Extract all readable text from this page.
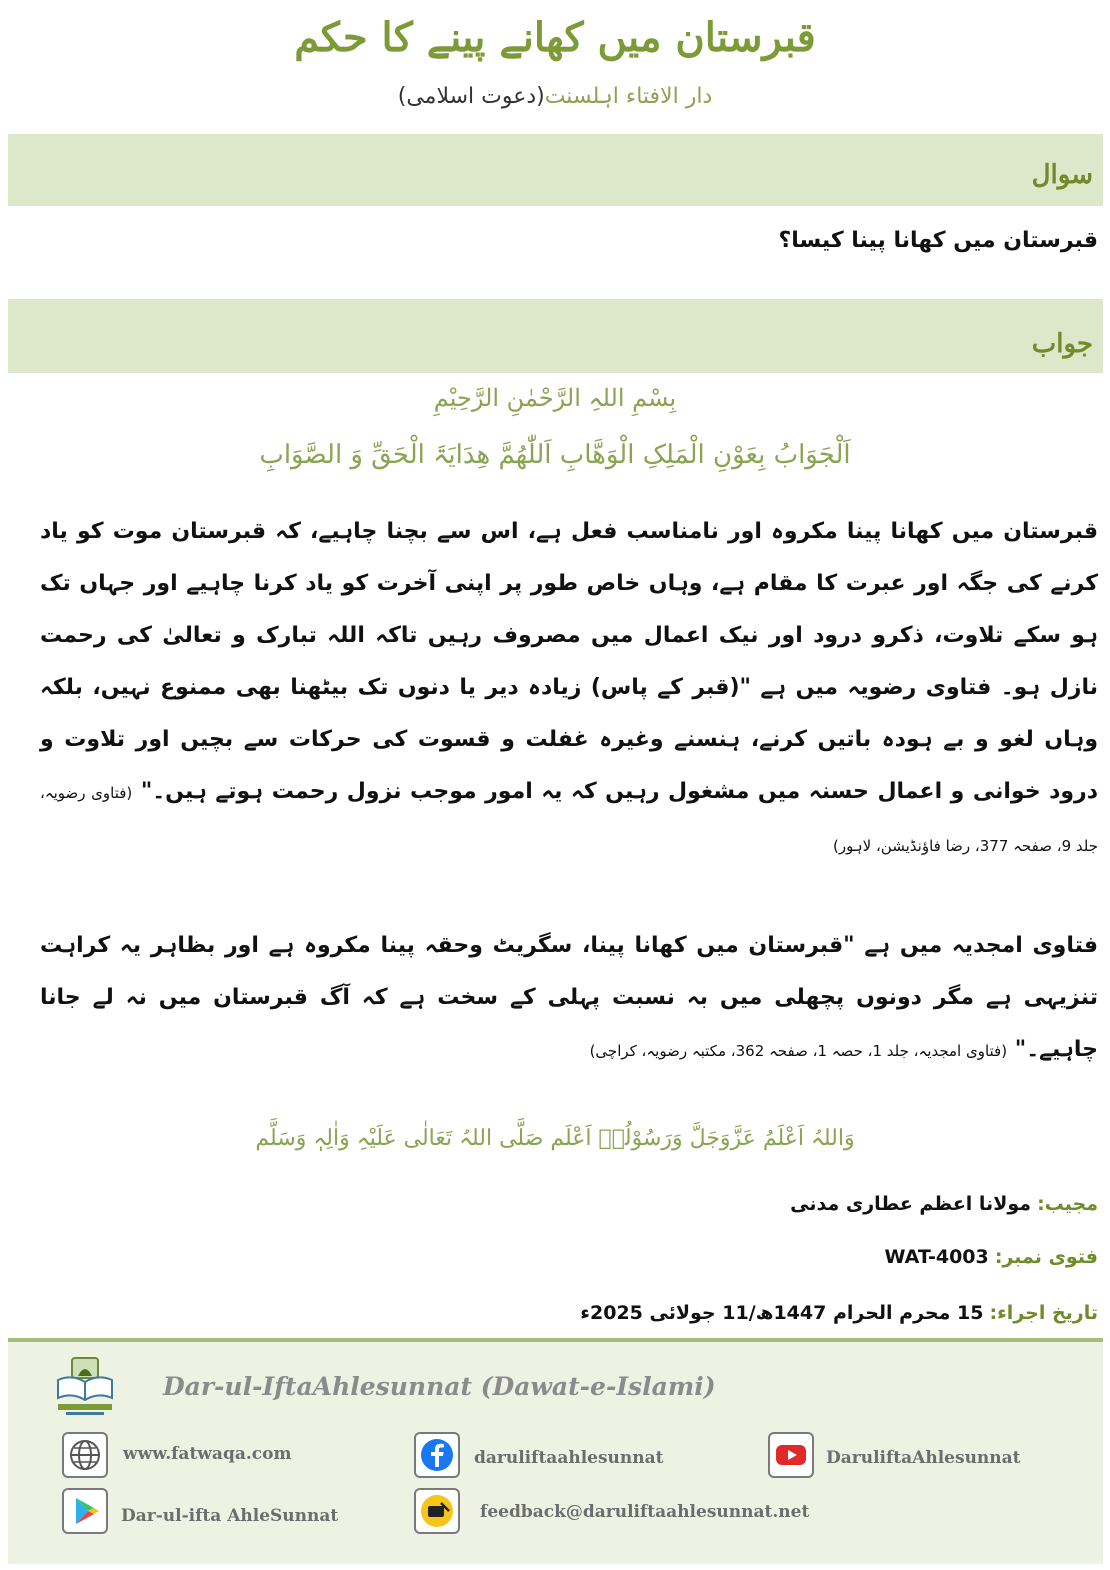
قبرستان میں کھانے پینے کا حکم
دار الافتاء اہلسنت(دعوت اسلامی)
سوال
قبرستان میں کھانا پینا کیسا؟
جواب
بِسْمِ اللہِ الرَّحْمٰنِ الرَّحِیْمِ
اَلْجَوَابُ بِعَوْنِ الْمَلِکِ الْوَھَّابِ اَللّٰھُمَّ ھِدَایَۃَ الْحَقِّ وَ الصَّوَابِ
قبرستان میں کھانا پینا مکروہ اور نامناسب فعل ہے، اس سے بچنا چاہیے، کہ قبرستان موت کو یاد کرنے کی جگہ اور عبرت کا مقام ہے، وہاں خاص طور پر اپنی آخرت کو یاد کرنا چاہیے اور جہاں تک ہو سکے تلاوت، ذکرو درود اور نیک اعمال میں مصروف رہیں تاکہ اللہ تبارک و تعالیٰ کی رحمت نازل ہو۔ فتاوی رضویہ میں ہے "(قبر کے پاس) زیادہ دیر یا دنوں تک بیٹھنا بھی ممنوع نہیں، بلکہ وہاں لغو و بے ہودہ باتیں کرنے، ہنسنے وغیرہ غفلت و قسوت کی حرکات سے بچیں اور تلاوت و درود خوانی و اعمال حسنہ میں مشغول رہیں کہ یہ امور موجب نزول رحمت ہوتے ہیں۔" (فتاوی رضویہ، جلد 9، صفحہ 377، رضا فاؤنڈیشن، لاہور)
فتاوی امجدیہ میں ہے "قبرستان میں کھانا پینا، سگریٹ وحقہ پینا مکروہ ہے اور بظاہر یہ کراہت تنزیہی ہے مگر دونوں پچھلی میں بہ نسبت پہلی کے سخت ہے کہ آگ قبرستان میں نہ لے جانا چاہیے۔" (فتاوی امجدیہ، جلد 1، حصہ 1، صفحہ 362، مکتبہ رضویہ، کراچی)
وَاللہُ اَعْلَمُ عَزَّوَجَلَّ وَرَسُوْلُہٗ اَعْلَم صَلَّی اللہُ تَعَالٰی عَلَیْہِ وَاٰلِہٖ وَسَلَّم
مجیب: مولانا اعظم عطاری مدنی
فتوی نمبر: WAT-4003
تاریخ اجراء: 15 محرم الحرام 1447ھ/11 جولائی 2025ء
Dar-ul-IftaAhlesunnat (Dawat-e-Islami)
www.fatwaqa.com	daruliftaahlesunnat	DaruliftaAhlesunnat
Dar-ul-ifta AhleSunnat	feedback@daruliftaahlesunnat.net
